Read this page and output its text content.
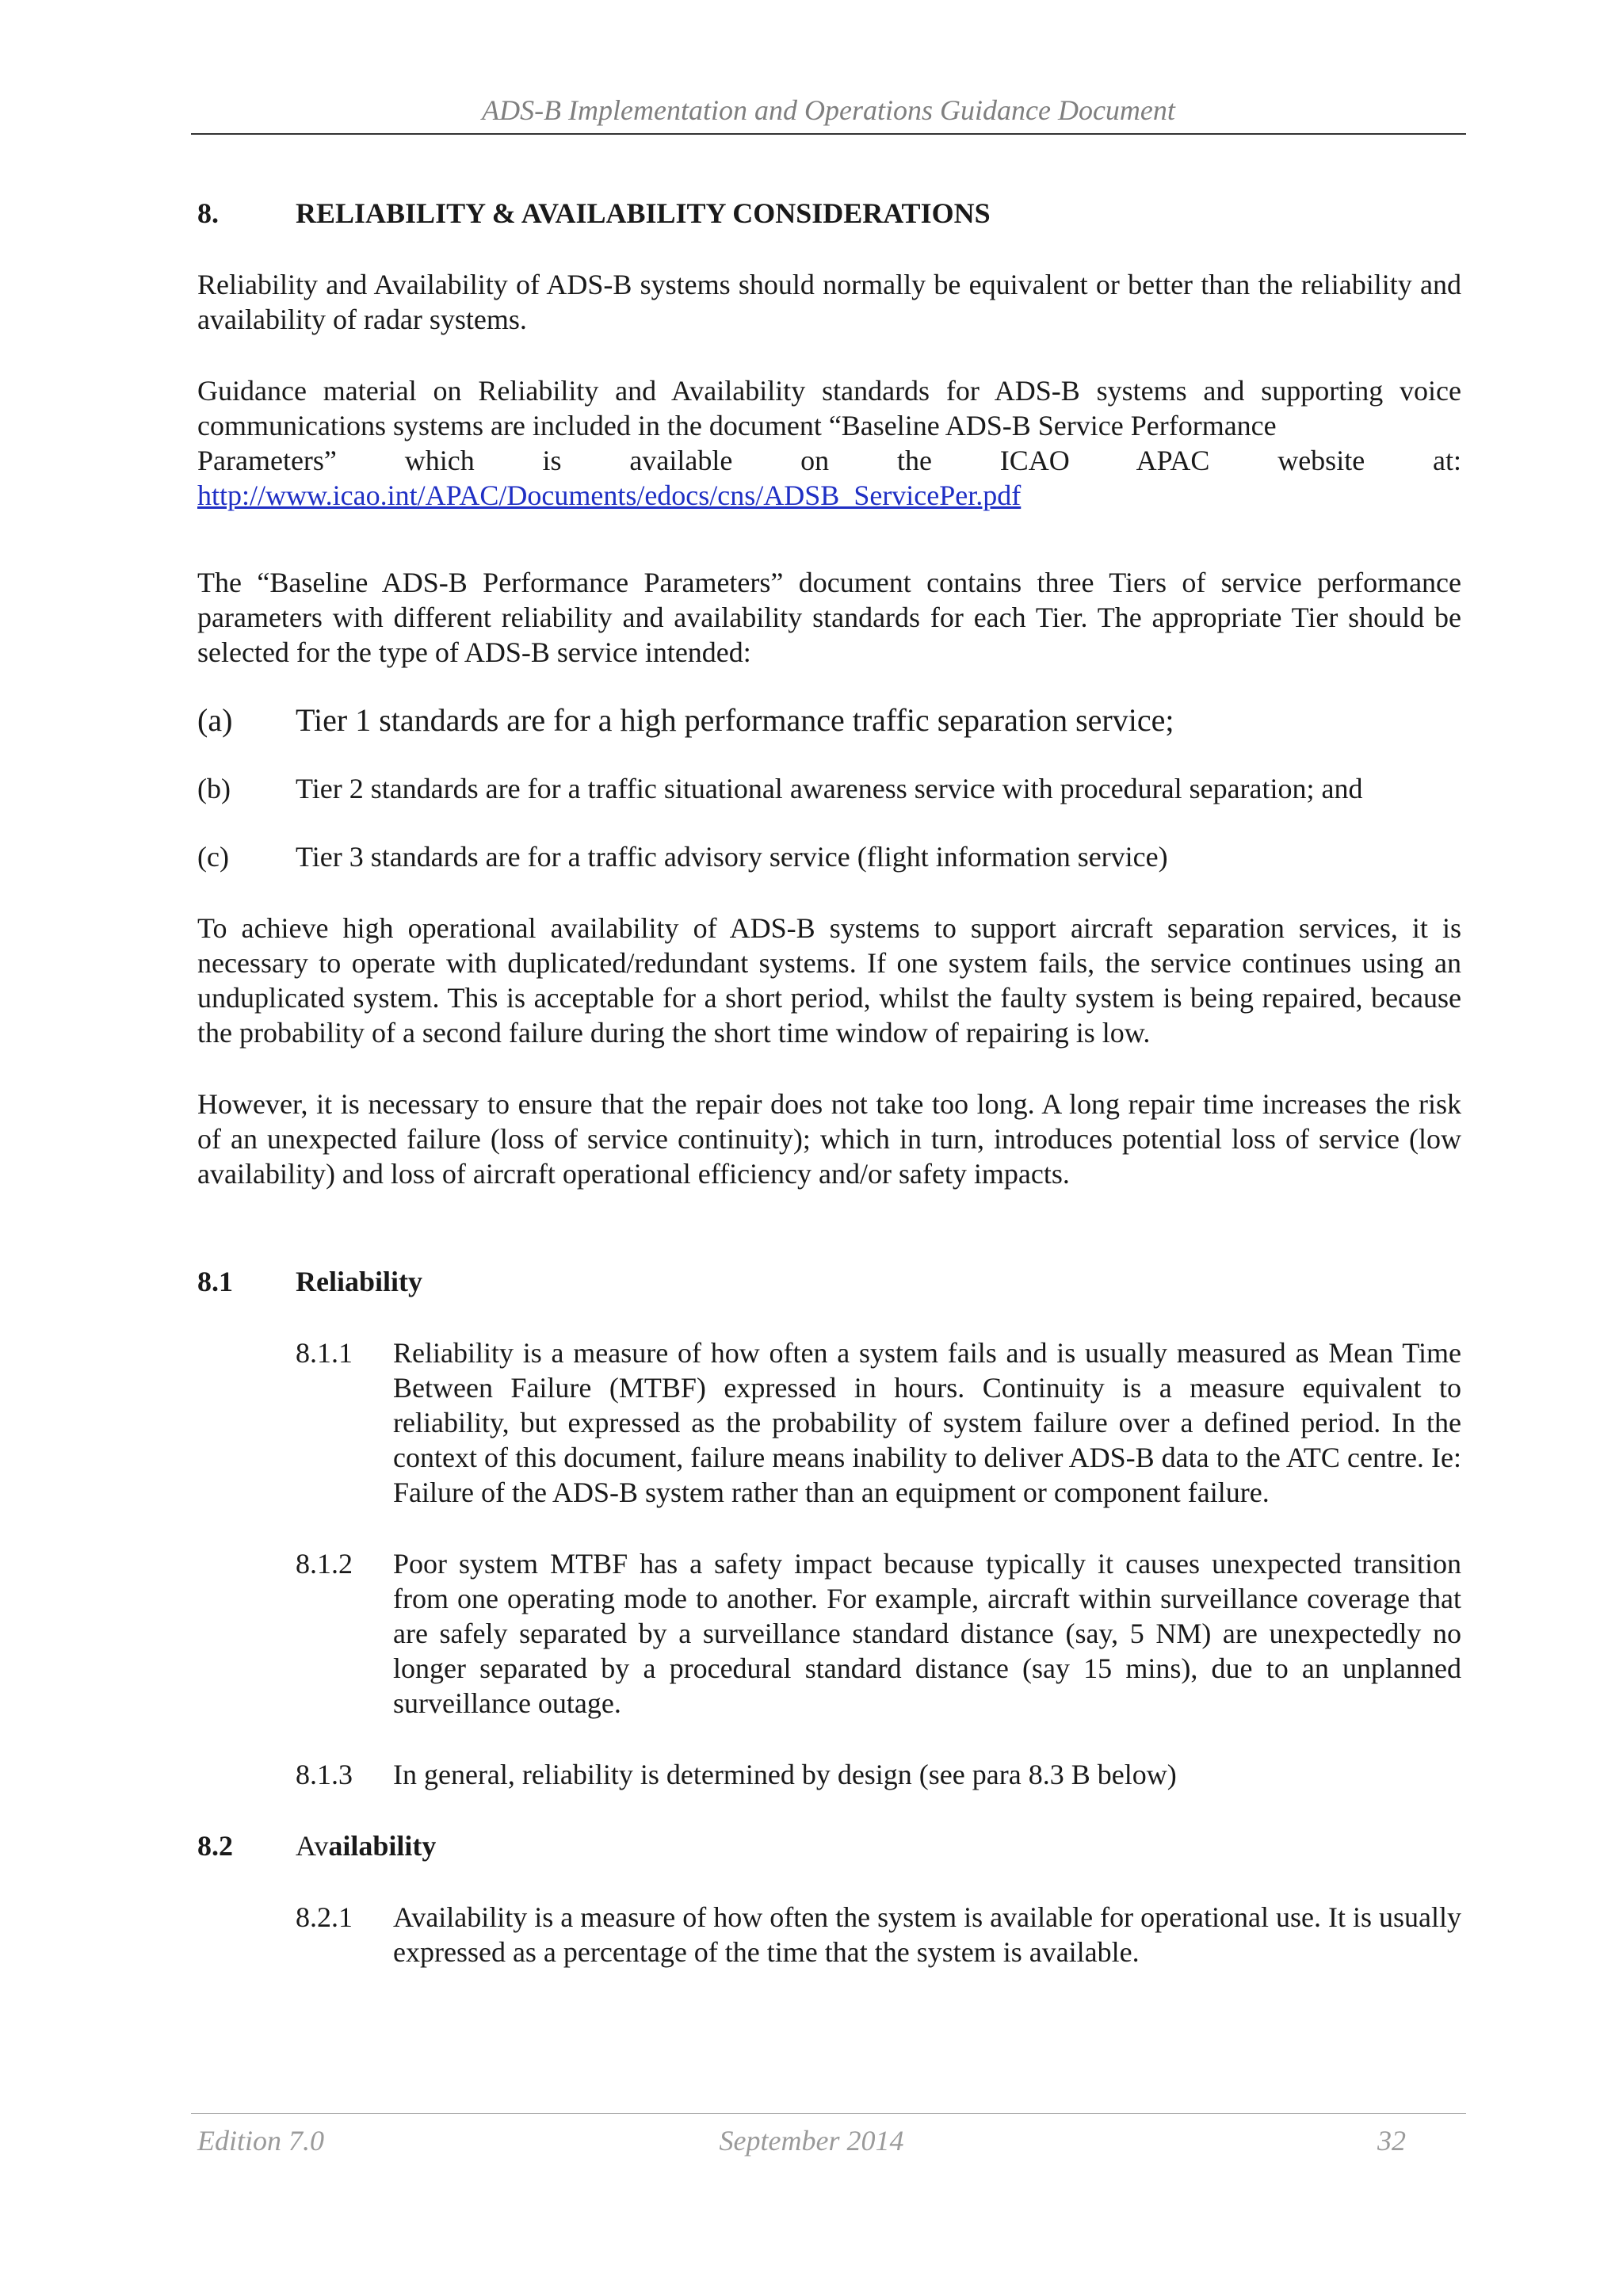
ADS-B Implementation and Operations Guidance Document
8.	RELIABILITY & AVAILABILITY CONSIDERATIONS

Reliability and Availability of ADS-B systems should normally be equivalent or better than the reliability and availability of radar systems.

Guidance material on Reliability and Availability standards for ADS-B systems and supporting voice communications systems are included in the document “Baseline ADS-B Service Performance

Parameters” which is available on the ICAO APAC website at:

http://www.icao.int/APAC/Documents/edocs/cns/ADSB_ServicePer.pdf

The “Baseline ADS-B Performance Parameters” document contains three Tiers of service performance parameters with different reliability and availability standards for each Tier. The appropriate Tier should be selected for the type of ADS-B service intended:

(a)	Tier 1 standards are for a high performance traffic separation service;
(b)	Tier 2 standards are for a traffic situational awareness service with procedural separation; and
(c)	Tier 3 standards are for a traffic advisory service (flight information service)

To achieve high operational availability of ADS-B systems to support aircraft separation services, it is necessary to operate with duplicated/redundant systems. If one system fails, the service continues using an unduplicated system. This is acceptable for a short period, whilst the faulty system is being repaired, because the probability of a second failure during the short time window of repairing is low.

However, it is necessary to ensure that the repair does not take too long. A long repair time increases the risk of an unexpected failure (loss of service continuity); which in turn, introduces potential loss of service (low availability) and loss of aircraft operational efficiency and/or safety impacts.

8.1	Reliability
8.1.1	Reliability is a measure of how often a system fails and is usually measured as Mean Time Between Failure (MTBF) expressed in hours. Continuity is a measure equivalent to reliability, but expressed as the probability of system failure over a defined period. In the context of this document, failure means inability to deliver ADS-B data to the ATC centre. Ie: Failure of the ADS-B system rather than an equipment or component failure.
8.1.2	Poor system MTBF has a safety impact because typically it causes unexpected transition from one operating mode to another. For example, aircraft within surveillance coverage that are safely separated by a surveillance standard distance (say, 5 NM) are unexpectedly no longer separated by a procedural standard distance (say 15 mins), due to an unplanned surveillance outage.
8.1.3	In general, reliability is determined by design (see para 8.3 B below)
8.2	Availability
8.2.1	Availability is a measure of how often the system is available for operational use. It is usually expressed as a percentage of the time that the system is available.
Edition 7.0	September 2014	32
